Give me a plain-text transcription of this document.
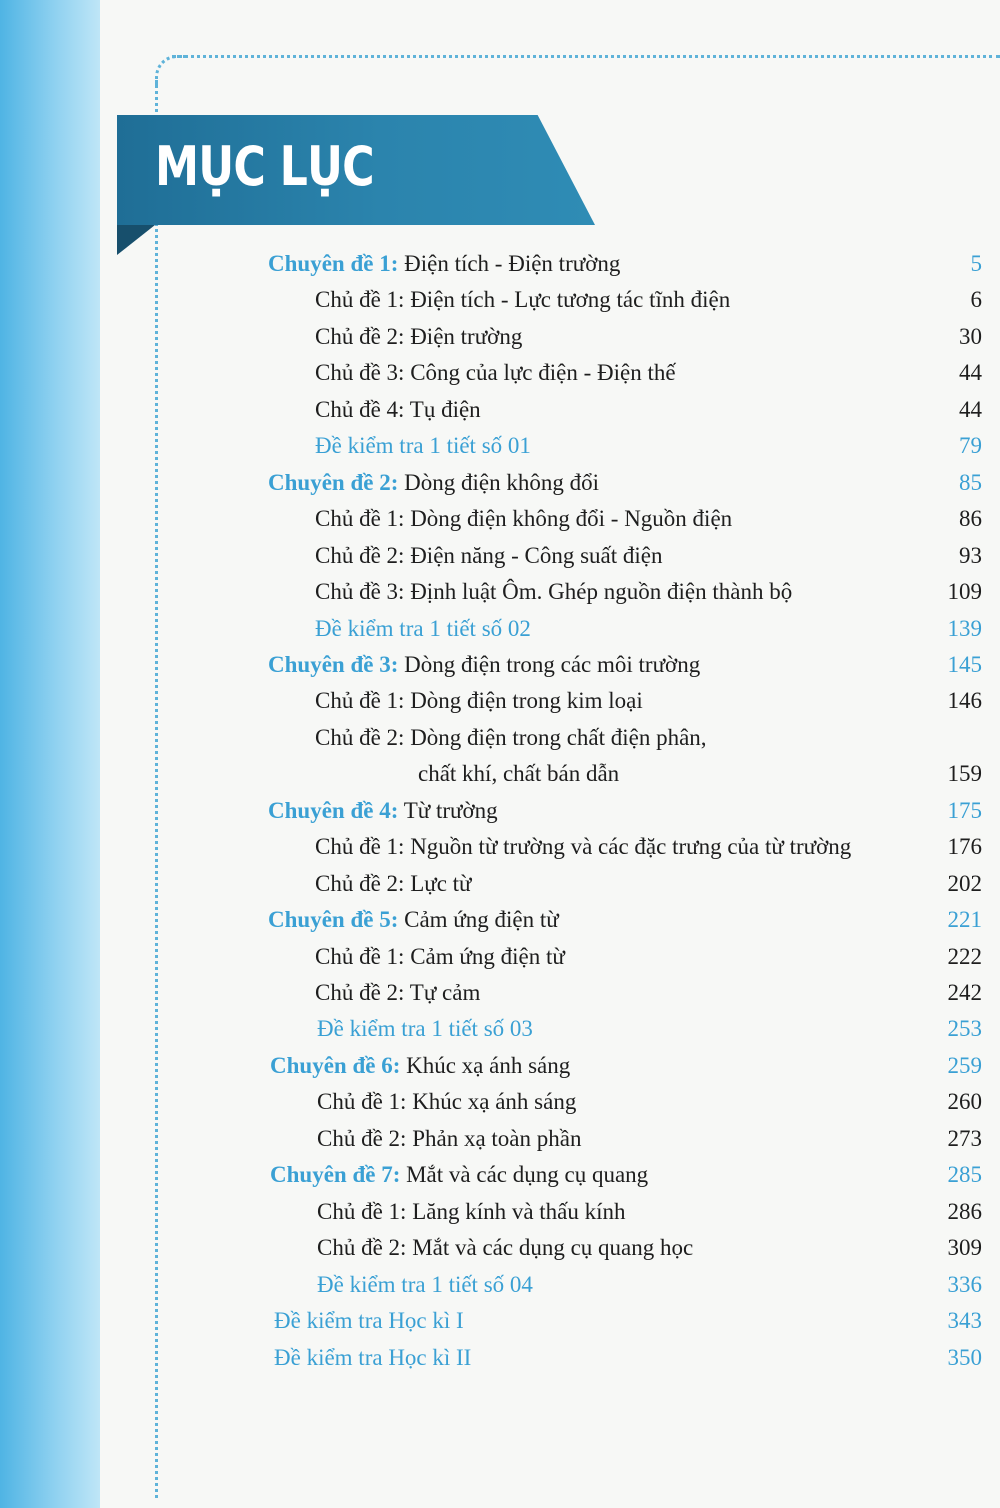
MỤC LỤC
Chuyên đề 1: Điện tích - Điện trường	5
Chủ đề 1: Điện tích - Lực tương tác tĩnh điện	6
Chủ đề 2: Điện trường	30
Chủ đề 3: Công của lực điện - Điện thế	44
Chủ đề 4: Tụ điện	44
Đề kiểm tra 1 tiết số 01	79
Chuyên đề 2: Dòng điện không đổi	85
Chủ đề 1: Dòng điện không đổi - Nguồn điện	86
Chủ đề 2: Điện năng - Công suất điện	93
Chủ đề 3: Định luật Ôm. Ghép nguồn điện thành bộ	109
Đề kiểm tra 1 tiết số 02	139
Chuyên đề 3: Dòng điện trong các môi trường	145
Chủ đề 1: Dòng điện trong kim loại	146
Chủ đề 2: Dòng điện trong chất điện phân,
chất khí, chất bán dẫn	159
Chuyên đề 4: Từ trường	175
Chủ đề 1: Nguồn từ trường và các đặc trưng của từ trường	176
Chủ đề 2: Lực từ	202
Chuyên đề 5: Cảm ứng điện từ	221
Chủ đề 1: Cảm ứng điện từ	222
Chủ đề 2: Tự cảm	242
Đề kiểm tra 1 tiết số 03	253
Chuyên đề 6: Khúc xạ ánh sáng	259
Chủ đề 1: Khúc xạ ánh sáng	260
Chủ đề 2: Phản xạ toàn phần	273
Chuyên đề 7: Mắt và các dụng cụ quang	285
Chủ đề 1: Lăng kính và thấu kính	286
Chủ đề 2: Mắt và các dụng cụ quang học	309
Đề kiểm tra 1 tiết số 04	336
Đề kiểm tra Học kì I	343
Đề kiểm tra Học kì II	350
